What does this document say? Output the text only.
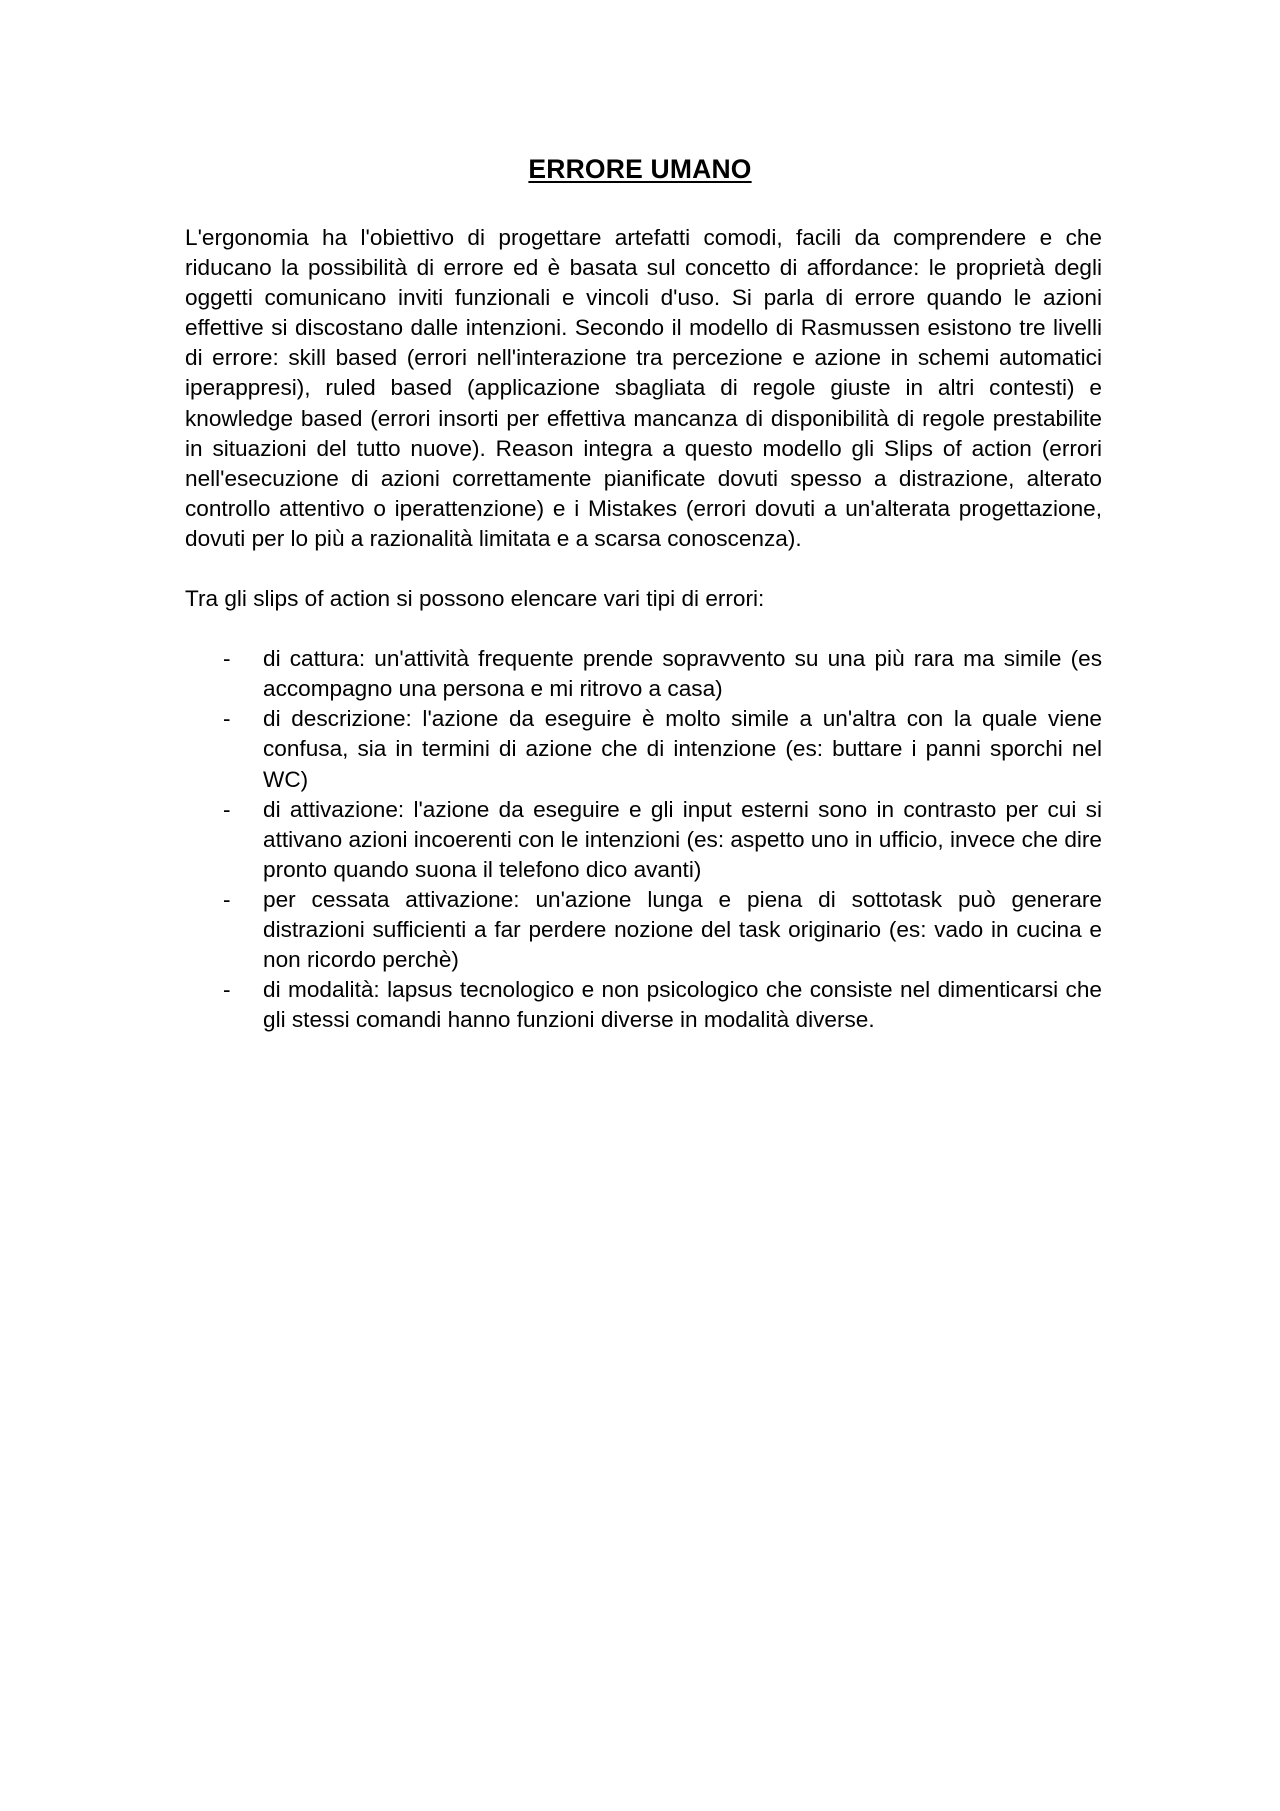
ERRORE UMANO

L'ergonomia ha l'obiettivo di progettare artefatti comodi, facili da comprendere e che riducano la possibilità di errore ed è basata sul concetto di affordance: le proprietà degli oggetti comunicano inviti funzionali e vincoli d'uso. Si parla di errore quando le azioni effettive si discostano dalle intenzioni. Secondo il modello di Rasmussen esistono tre livelli di errore: skill based (errori nell'interazione tra percezione e azione in schemi automatici iperappresi), ruled based (applicazione sbagliata di regole giuste in altri contesti) e knowledge based (errori insorti per effettiva mancanza di disponibilità di regole prestabilite in situazioni del tutto nuove). Reason integra a questo modello gli Slips of action (errori nell'esecuzione di azioni correttamente pianificate dovuti spesso a distrazione, alterato controllo attentivo o iperattenzione) e i Mistakes (errori dovuti a un'alterata progettazione, dovuti per lo più a razionalità limitata e a scarsa conoscenza).

Tra gli slips of action si possono elencare vari tipi di errori:

- di cattura: un'attività frequente prende sopravvento su una più rara ma simile (es accompagno una persona e mi ritrovo a casa)
- di descrizione: l'azione da eseguire è molto simile a un'altra con la quale viene confusa, sia in termini di azione che di intenzione (es: buttare i panni sporchi nel WC)
- di attivazione: l'azione da eseguire e gli input esterni sono in contrasto per cui si attivano azioni incoerenti con le intenzioni (es: aspetto uno in ufficio, invece che dire pronto quando suona il telefono dico avanti)
- per cessata attivazione: un'azione lunga e piena di sottotask può generare distrazioni sufficienti a far perdere nozione del task originario (es: vado in cucina e non ricordo perchè)
- di modalità: lapsus tecnologico e non psicologico che consiste nel dimenticarsi che gli stessi comandi hanno funzioni diverse in modalità diverse.
